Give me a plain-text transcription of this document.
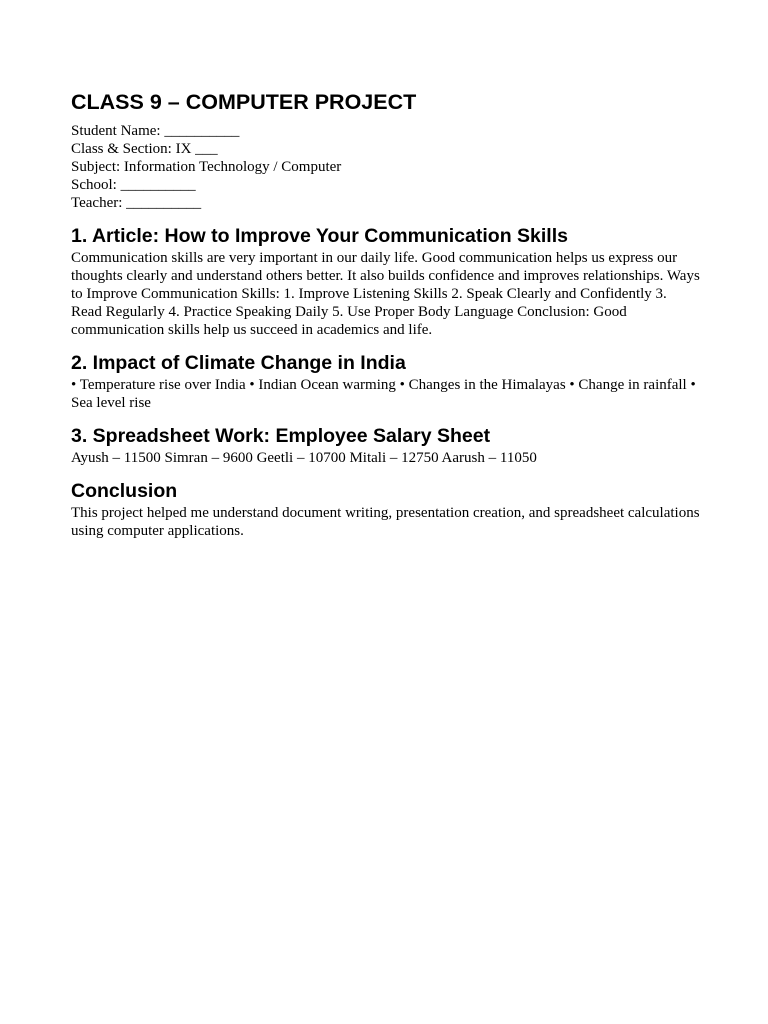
CLASS 9 – COMPUTER PROJECT
Student Name: __________
Class & Section: IX ___
Subject: Information Technology / Computer
School: __________
Teacher: __________
1. Article: How to Improve Your Communication Skills

Communication skills are very important in our daily life. Good communication helps us express our thoughts clearly and understand others better. It also builds confidence and improves relationships. Ways to Improve Communication Skills: 1. Improve Listening Skills 2. Speak Clearly and Confidently 3. Read Regularly 4. Practice Speaking Daily 5. Use Proper Body Language Conclusion: Good communication skills help us succeed in academics and life.

2. Impact of Climate Change in India

• Temperature rise over India • Indian Ocean warming • Changes in the Himalayas • Change in rainfall • Sea level rise

3. Spreadsheet Work: Employee Salary Sheet

Ayush – 11500 Simran – 9600 Geetli – 10700 Mitali – 12750 Aarush – 11050

Conclusion

This project helped me understand document writing, presentation creation, and spreadsheet calculations using computer applications.
